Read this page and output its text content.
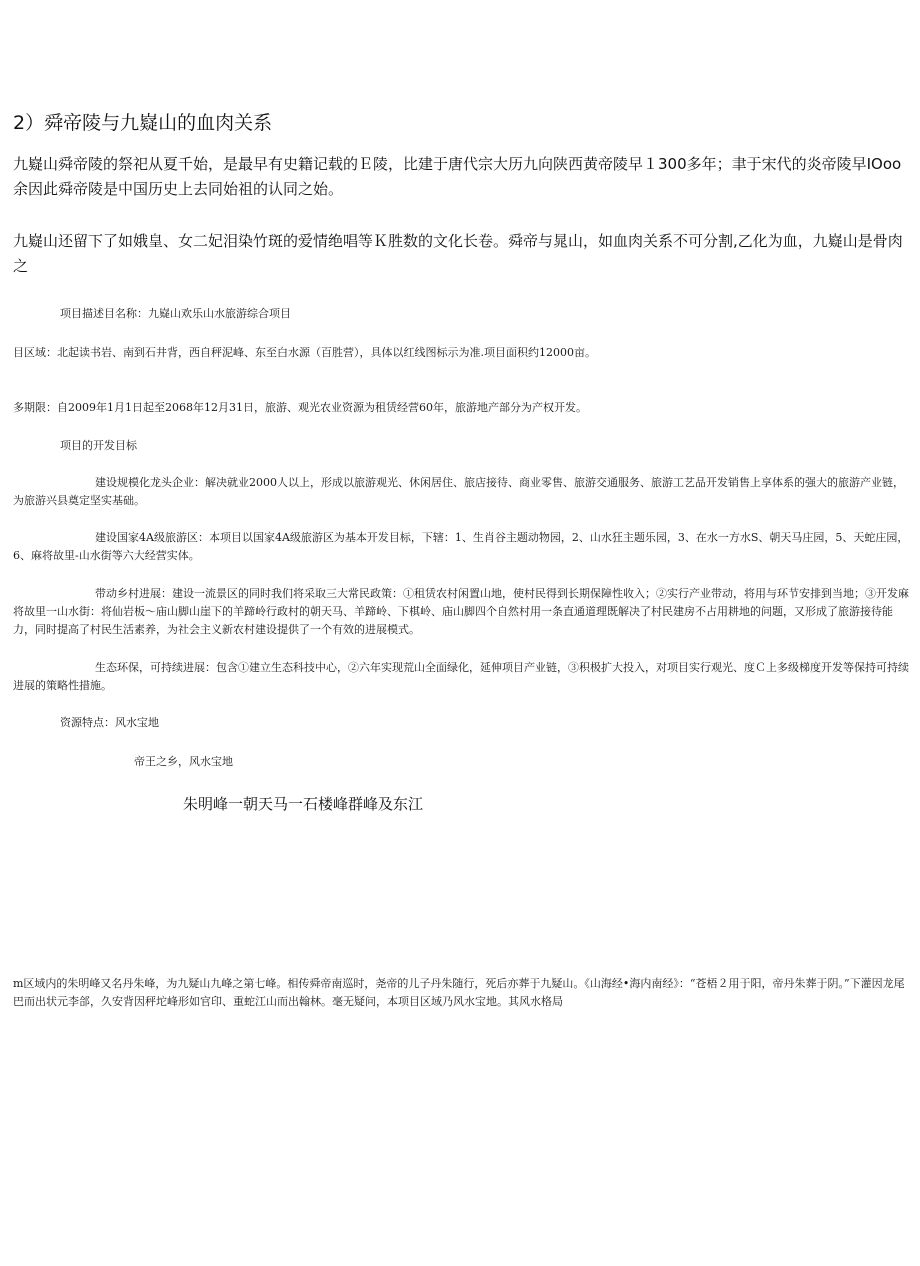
2）舜帝陵与九嶷山的血肉关系

九嶷山舜帝陵的祭祀从夏千始，是最早有史籍记载的Ｅ陵，比建于唐代宗大历九向陕西黄帝陵早１300多年；聿于宋代的炎帝陵早IOoo余因此舜帝陵是中国历史上去同始祖的认同之始。

九嶷山还留下了如娥皇、女二妃泪染竹斑的爱情绝唱等Ｋ胜数的文化长卷。舜帝与晁山，如血肉关系不可分割,乙化为血，九嶷山是骨肉之

项目描述目名称：九嶷山欢乐山水旅游综合项目

目区域：北起读书岩、南到石井背，西自秤泥峰、东至白水源（百胜营），具体以红线图标示为准.项目面积约12000亩。

多期限：自2009年1月1日起至2068年12月31日，旅游、观光农业资源为租赁经营60年，旅游地产部分为产权开发。

项目的开发目标

建设规模化龙头企业：解决就业2000人以上，形成以旅游观光、休闲居住、旅店接待、商业零售、旅游交通服务、旅游工艺品开发销售上享体系的强大的旅游产业链，为旅游兴县奠定坚实基础。

建设国家4A级旅游区：本项目以国家4A级旅游区为基本开发目标，下辖：1、生肖谷主题动物园，2、山水狂主题乐园，3、在水一方水S、朝天马庄园，5、天蛇庄园，6、麻将故里-山水街等六大经营实体。

带动乡村进展：建设一流景区的同时我们将采取三大常民政策：①租赁农村闲置山地，使村民得到长期保障性收入；②实行产业带动，将用与环节安排到当地；③开发麻将故里一山水街：将仙岩板～庙山脚山崖下的羊蹄岭行政村的朝天马、羊蹄岭、下棋岭、庙山脚四个自然村用一条直通道理既解决了村民建房不占用耕地的问题，又形成了旅游接待能力，同时提高了村民生活素养，为社会主义新农村建设提供了一个有效的进展模式。

生态环保，可持续进展：包含①建立生态科技中心，②六年实现荒山全面绿化，延伸项目产业链，③积极扩大投入，对项目实行观光、度Ｃ上多级梯度开发等保持可持续进展的策略性措施。

资源特点：风水宝地

帝王之乡，风水宝地

朱明峰一朝天马一石楼峰群峰及东江

m区域内的朱明峰又名丹朱峰，为九疑山九峰之第七峰。相传舜帝南巡时，尧帝的儿子丹朱随行，死后亦葬于九疑山。《山海经•海内南经》：“苍梧２用于阳，帝丹朱葬于阴。”下灌因龙尾巴而出状元李郃，久安背因秤坨峰形如官印、重蛇江山而出翰林。毫无疑问，本项目区域乃风水宝地。其风水格局
